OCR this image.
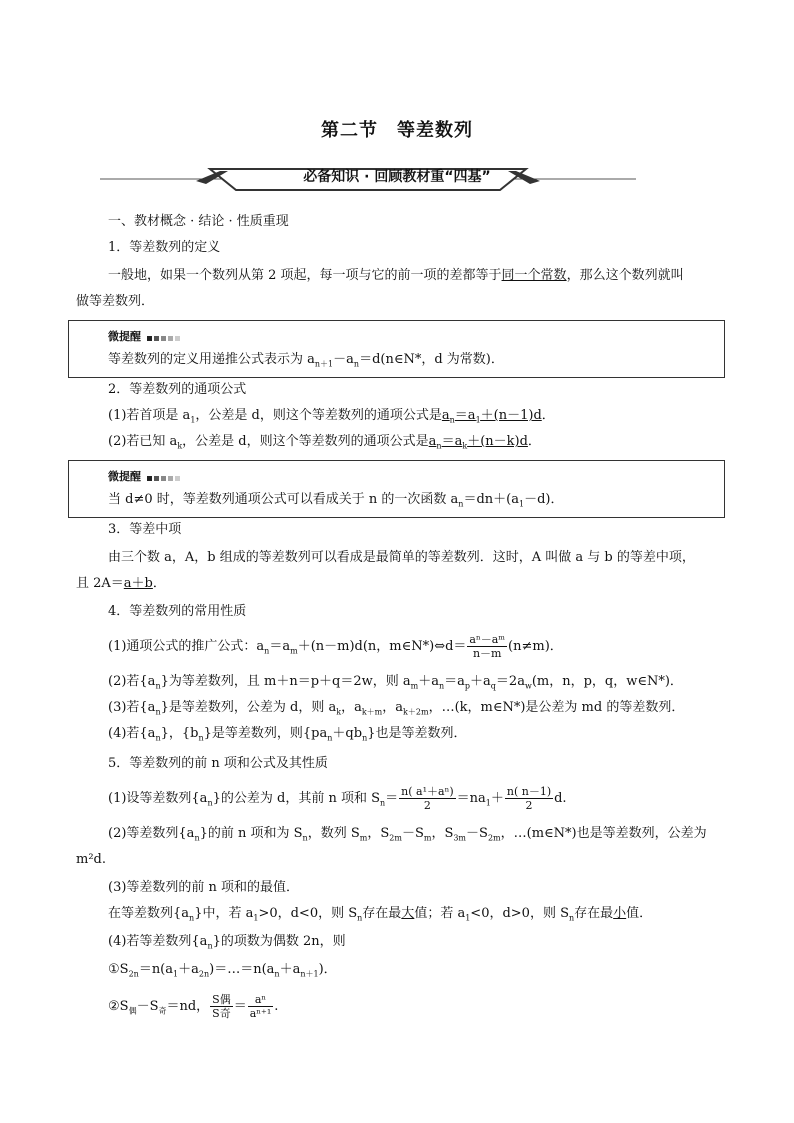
第二节　等差数列
必备知识 · 回顾教材重“四基”
一、教材概念 · 结论 · 性质重现
1．等差数列的定义
一般地，如果一个数列从第 2 项起，每一项与它的前一项的差都等于同一个常数，那么这个数列就叫
做等差数列．
微提醒
等差数列的定义用递推公式表示为 $a_{n+1}-a_n=d(n\in N*$，d 为常数)．
2．等差数列的通项公式
(1)若首项是 $a_1$，公差是 d，则这个等差数列的通项公式是$a_n=a_1+(n-1)d$．
(2)若已知 $a_k$，公差是 d，则这个等差数列的通项公式是$a_n=a_k+(n-k)d$．
微提醒
当 d≠0 时，等差数列通项公式可以看成关于 n 的一次函数 $a_n=dn+(a_1-d)$．
3．等差中项
由三个数 a，A，b 组成的等差数列可以看成是最简单的等差数列．这时，A 叫做 a 与 b 的等差中项，
且 2A＝a＋b．
4．等差数列的常用性质
(1)通项公式的推广公式：$a_n=a_m+(n-m)d(n$，m∈N*)⇔d＝ $\frac{\text{aⁿ－aᵐ}}{n-m} (n\ne m)$．
(2)若$\{a_n\}$为等差数列，且 m＋n＝p＋q＝2w，则 $a_m+a_n=a_p+a_q=2a_w(m$，n，p，q，w∈N*)．
(3)若$\{a_n\}$是等差数列，公差为 d，则 $a_k$，$a_{k+m}$，$a_{k+2m}$，…(k，m∈N*)是公差为 md 的等差数列．
(4)若$\{a_n\}$，$\{b_n\}$是等差数列，则$\{pa_n+qb_n\}$也是等差数列．
5．等差数列的前 n 项和公式及其性质
(1)设等差数列$\{a_n\}$的公差为 d，其前 n 项和 $S_n= \frac{\text{n( a¹＋aⁿ)}}{2} =na_1+ \frac{n( n-1)}{2} d$.
(2)等差数列$\{a_n\}$的前 n 项和为 $S_n$，数列 $S_m$，$S_{2m}-S_m$，$S_{3m}-S_{2m}$，…(m∈N*)也是等差数列，公差为
m²d.
(3)等差数列的前 n 项和的最值．
在等差数列$\{a_n\}$中，若 $a_1>0$，d<0，则 $S_n$存在最大值；若 $a_1<0$，d>0，则 $S_n$存在最小值．
(4)若等差数列$\{a_n\}$的项数为偶数 2n，则
$①S_{2n}=n(a_1+a_{2n})=\dots=n(a_n+a_{n+1})$．
$②S_偶-S_奇=nd$， $\frac{\text{S偶}}{\text{S奇}} = \frac{\text{aⁿ}}{\text{aⁿ⁺¹}}$ .
